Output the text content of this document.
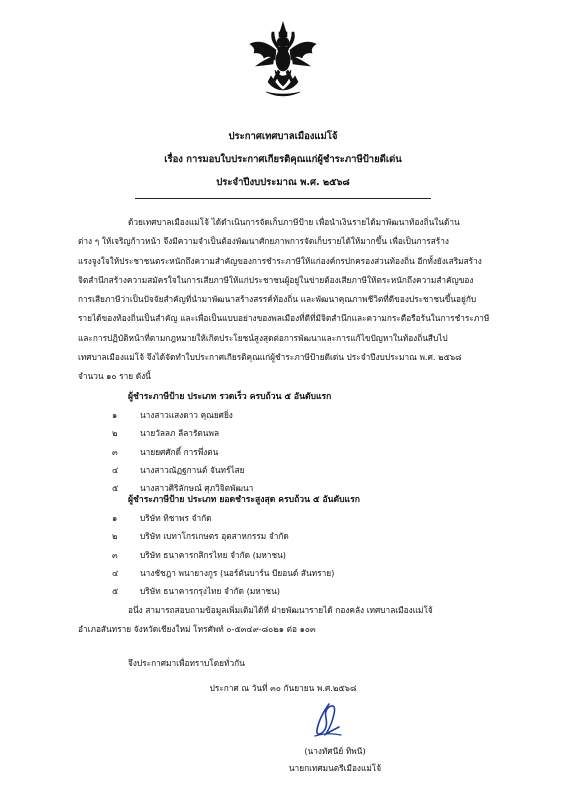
ประกาศเทศบาลเมืองแม่โจ้
เรื่อง การมอบใบประกาศเกียรติคุณแก่ผู้ชำระภาษีป้ายดีเด่น
ประจำปีงบประมาณ พ.ศ. ๒๕๖๘
ด้วยเทศบาลเมืองแม่โจ้ ได้ดำเนินการจัดเก็บภาษีป้าย เพื่อนำเงินรายได้มาพัฒนาท้องถิ่นในด้าน
ต่าง ๆ ให้เจริญก้าวหน้า จึงมีความจำเป็นต้องพัฒนาศักยภาพการจัดเก็บรายได้ให้มากขึ้น เพื่อเป็นการสร้าง
แรงจูงใจให้ประชาชนตระหนักถึงความสำคัญของการชำระภาษีให้แก่องค์กรปกครองส่วนท้องถิ่น อีกทั้งยังเสริมสร้าง
จิตสำนึกสร้างความสมัครใจในการเสียภาษีให้แก่ประชาชนผู้อยู่ในข่ายต้องเสียภาษีให้ตระหนักถึงความสำคัญของ
การเสียภาษีว่าเป็นปัจจัยสำคัญที่นำมาพัฒนาสร้างสรรค์ท้องถิ่น และพัฒนาคุณภาพชีวิตที่ดีของประชาชนขึ้นอยู่กับ
รายได้ของท้องถิ่นเป็นสำคัญ และเพื่อเป็นแบบอย่างของพลเมืองที่ดีที่มีจิตสำนึกและความกระตือรือร้นในการชำระภาษี
และการปฏิบัติหน้าที่ตามกฎหมายให้เกิดประโยชน์สูงสุดต่อการพัฒนาและการแก้ไขปัญหาในท้องถิ่นสืบไป
เทศบาลเมืองแม่โจ้ จึงได้จัดทำใบประกาศเกียรติคุณแก่ผู้ชำระภาษีป้ายดีเด่น ประจำปีงบประมาณ พ.ศ. ๒๕๖๘
จำนวน ๑๐ ราย ดังนี้
ผู้ชำระภาษีป้าย ประเภท รวดเร็ว ครบถ้วน ๕ อันดับแรก
๑	นางสาวแสงดาว คุณยศยิ่ง
๒	นายวัลลภ ลีลารัตนพล
๓	นายยศศักดิ์ การพึ่งตน
๔	นางสาวณัฏฐกานต์ จันทร์ไสย
๕	นางสาวศิริลักษณ์ ศุภวิจิตพัฒนา
ผู้ชำระภาษีป้าย ประเภท ยอดชำระสูงสุด ครบถ้วน ๕ อันดับแรก
๑	บริษัท ทิชาพร จำกัด
๒	บริษัท เบทาโกรเกษตร อุตสาหกรรม จำกัด
๓	บริษัท ธนาคารกสิกรไทย จำกัด (มหาชน)
๔	นางชัชฎา พนายางกูร (นอร์ตันบาร์น บียอนด์ สันทราย)
๕	บริษัท ธนาคารกรุงไทย จำกัด (มหาชน)
อนึ่ง สามารถสอบถามข้อมูลเพิ่มเติมได้ที่ ฝ่ายพัฒนารายได้ กองคลัง เทศบาลเมืองแม่โจ้
อำเภอสันทราย จังหวัดเชียงใหม่ โทรศัพท์ ๐-๕๓๔๙-๘๐๒๑ ต่อ ๑๐๓
จึงประกาศมาเพื่อทราบโดยทั่วกัน
ประกาศ ณ วันที่ ๓๐ กันยายน พ.ศ.๒๕๖๘
(นางทัศนีย์ ทิพนี)
นายกเทศมนตรีเมืองแม่โจ้
